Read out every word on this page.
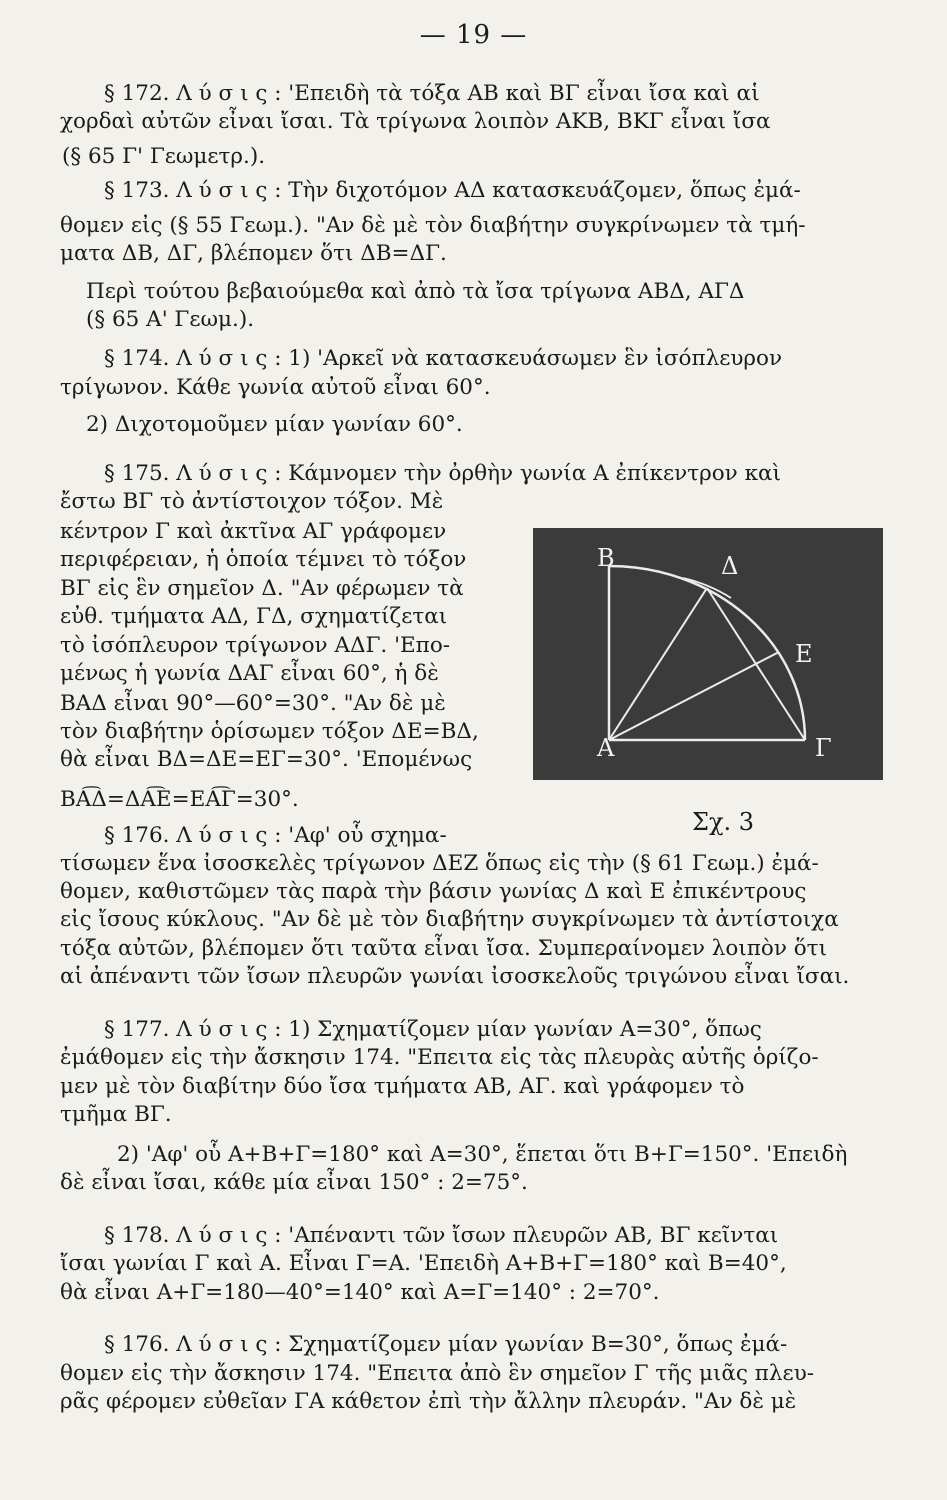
— 19 —
§ 172. Λ ύ σ ι ς : 'Επειδὴ τὰ τόξα ΑΒ καὶ ΒΓ εἶναι ἴσα καὶ αἱ
χορδαὶ αὐτῶν εἶναι ἴσαι. Τὰ τρίγωνα λοιπὸν ΑΚΒ, ΒΚΓ εἶναι ἴσα
(§ 65 Γ' Γεωμετρ.).
§ 173. Λ ύ σ ι ς : Τὴν διχοτόμον ΑΔ κατασκευάζομεν, ὅπως ἐμά-
θομεν εἰς (§ 55 Γεωμ.). "Αν δὲ μὲ τὸν διαβήτην συγκρίνωμεν τὰ τμή-
ματα ΔΒ, ΔΓ, βλέπομεν ὅτι ΔΒ=ΔΓ.
Περὶ τούτου βεβαιούμεθα καὶ ἀπὸ τὰ ἴσα τρίγωνα ΑΒΔ, ΑΓΔ
(§ 65 Α' Γεωμ.).
§ 174. Λ ύ σ ι ς : 1) 'Αρκεῖ νὰ κατασκευάσωμεν ἓν ἰσόπλευρον
τρίγωνον. Κάθε γωνία αὐτοῦ εἶναι 60°.
2) Διχοτομοῦμεν μίαν γωνίαν 60°.
§ 175. Λ ύ σ ι ς : Κάμνομεν τὴν ὀρθὴν γωνία Α ἐπίκεντρον καὶ
ἔστω ΒΓ τὸ ἀντίστοιχον τόξον. Μὲ
κέντρον Γ καὶ ἀκτῖνα ΑΓ γράφομεν
περιφέρειαν, ἡ ὁποία τέμνει τὸ τόξον
ΒΓ εἰς ἓν σημεῖον Δ. "Αν φέρωμεν τὰ
εὐθ. τμήματα ΑΔ, ΓΔ, σχηματίζεται
τὸ ἰσόπλευρον τρίγωνον ΑΔΓ. 'Επο-
μένως ἡ γωνία ΔΑΓ εἶναι 60°, ἡ δὲ
ΒΑΔ εἶναι 90°—60°=30°. "Αν δὲ μὲ
τὸν διαβήτην ὁρίσωμεν τόξον ΔΕ=ΒΔ,
θὰ εἶναι ΒΔ=ΔΕ=ΕΓ=30°. 'Επομένως
ΒΑ͡Δ=ΔΑ͡Ε=ΕΑ͡Γ=30°.
§ 176. Λ ύ σ ι ς : 'Αφ' οὗ σχημα-
τίσωμεν ἕνα ἰσοσκελὲς τρίγωνον ΔΕΖ ὅπως εἰς τὴν (§ 61 Γεωμ.) ἐμά-
θομεν, καθιστῶμεν τὰς παρὰ τὴν βάσιν γωνίας Δ καὶ Ε ἐπικέντρους
εἰς ἴσους κύκλους. "Αν δὲ μὲ τὸν διαβήτην συγκρίνωμεν τὰ ἀντίστοιχα
τόξα αὐτῶν, βλέπομεν ὅτι ταῦτα εἶναι ἴσα. Συμπεραίνομεν λοιπὸν ὅτι
αἱ ἀπέναντι τῶν ἴσων πλευρῶν γωνίαι ἰσοσκελοῦς τριγώνου εἶναι ἴσαι.
§ 177. Λ ύ σ ι ς : 1) Σχηματίζομεν μίαν γωνίαν Α=30°, ὅπως
ἐμάθομεν εἰς τὴν ἄσκησιν 174. "Επειτα εἰς τὰς πλευρὰς αὐτῆς ὁρίζο-
μεν μὲ τὸν διαβίτην δύο ἴσα τμήματα ΑΒ, ΑΓ. καὶ γράφομεν τὸ
τμῆμα ΒΓ.
2) 'Αφ' οὗ Α+Β+Γ=180° καὶ Α=30°, ἕπεται ὅτι Β+Γ=150°. 'Επειδὴ
δὲ εἶναι ἴσαι, κάθε μία εἶναι 150° : 2=75°.
§ 178. Λ ύ σ ι ς : 'Απέναντι τῶν ἴσων πλευρῶν ΑΒ, ΒΓ κεῖνται
ἴσαι γωνίαι Γ καὶ Α. Εἶναι Γ=Α. 'Επειδὴ Α+Β+Γ=180° καὶ Β=40°,
θὰ εἶναι Α+Γ=180—40°=140° καὶ Α=Γ=140° : 2=70°.
§ 176. Λ ύ σ ι ς : Σχηματίζομεν μίαν γωνίαν Β=30°, ὅπως ἐμά-
θομεν εἰς τὴν ἄσκησιν 174. "Επειτα ἀπὸ ἓν σημεῖον Γ τῆς μιᾶς πλευ-
ρᾶς φέρομεν εὐθεῖαν ΓΑ κάθετον ἐπὶ τὴν ἄλλην πλευράν. "Αν δὲ μὲ
Β	Δ
Ε
Α	Γ
Σχ. 3
